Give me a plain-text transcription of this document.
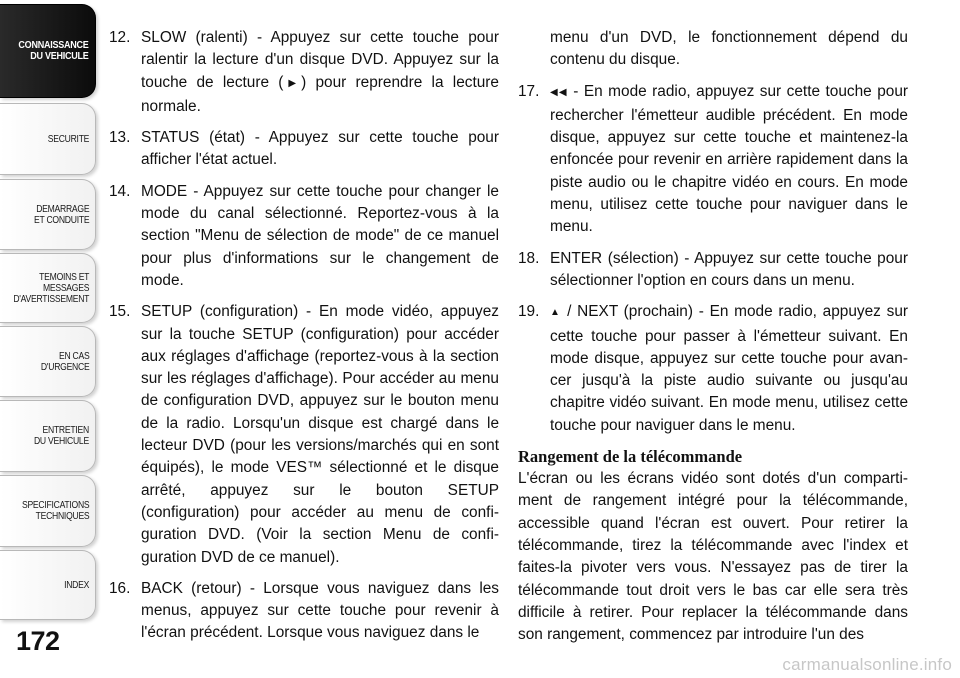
CONNAISSANCE
DU VEHICULE
SECURITE
DEMARRAGE
ET CONDUITE
TEMOINS ET
MESSAGES
D'AVERTISSEMENT
EN CAS
D'URGENCE
ENTRETIEN
DU VEHICULE
SPECIFICATIONS
TECHNIQUES
INDEX
172
12. SLOW (ralenti) - Appuyez sur cette touche pour ralentir la lecture d'un disque DVD. Appuyez sur la touche de lecture (▶) pour reprendre la lecture normale.
13. STATUS (état) - Appuyez sur cette touche pour afficher l'état actuel.
14. MODE - Appuyez sur cette touche pour changer le mode du canal sélectionné. Reportez-vous à la section "Menu de sélection de mode" de ce manuel pour plus d'informations sur le changement de mode.
15. SETUP (configuration) - En mode vidéo, appuyez sur la touche SETUP (configuration) pour accéder aux réglages d'affichage (reportez-vous à la section sur les réglages d'affichage). Pour accéder au menu de configuration DVD, appuyez sur le bouton menu de la radio. Lorsqu'un disque est chargé dans le lecteur DVD (pour les versions/marchés qui en sont équipés), le mode VES™ sélectionné et le disque arrêté, appuyez sur le bouton SETUP (configuration) pour accéder au menu de confi-guration DVD. (Voir la section Menu de confi-guration DVD de ce manuel).
16. BACK (retour) - Lorsque vous naviguez dans les menus, appuyez sur cette touche pour revenir à l'écran précédent. Lorsque vous naviguez dans le
menu d'un DVD, le fonctionnement dépend du contenu du disque.
17.	◀◀ - En mode radio, appuyez sur cette touche pour rechercher l'émetteur audible précédent. En mode disque, appuyez sur cette touche et maintenez-la enfoncée pour revenir en arrière rapidement dans la piste audio ou le chapitre vidéo en cours. En mode menu, utilisez cette touche pour naviguer dans le menu.
18. ENTER (sélection) - Appuyez sur cette touche pour sélectionner l'option en cours dans un menu.
19.	▲ / NEXT (prochain) - En mode radio, appuyez sur cette touche pour passer à l'émetteur suivant. En mode disque, appuyez sur cette touche pour avan-cer jusqu'à la piste audio suivante ou jusqu'au chapitre vidéo suivant. En mode menu, utilisez cette touche pour naviguer dans le menu.
Rangement de la télécommande
L'écran ou les écrans vidéo sont dotés d'un comparti-ment de rangement intégré pour la télécommande, accessible quand l'écran est ouvert. Pour retirer la télécommande, tirez la télécommande avec l'index et faites-la pivoter vers vous. N'essayez pas de tirer la télécommande tout droit vers le bas car elle sera très difficile à retirer. Pour replacer la télécommande dans son rangement, commencez par introduire l'un des
carmanualsonline.info
